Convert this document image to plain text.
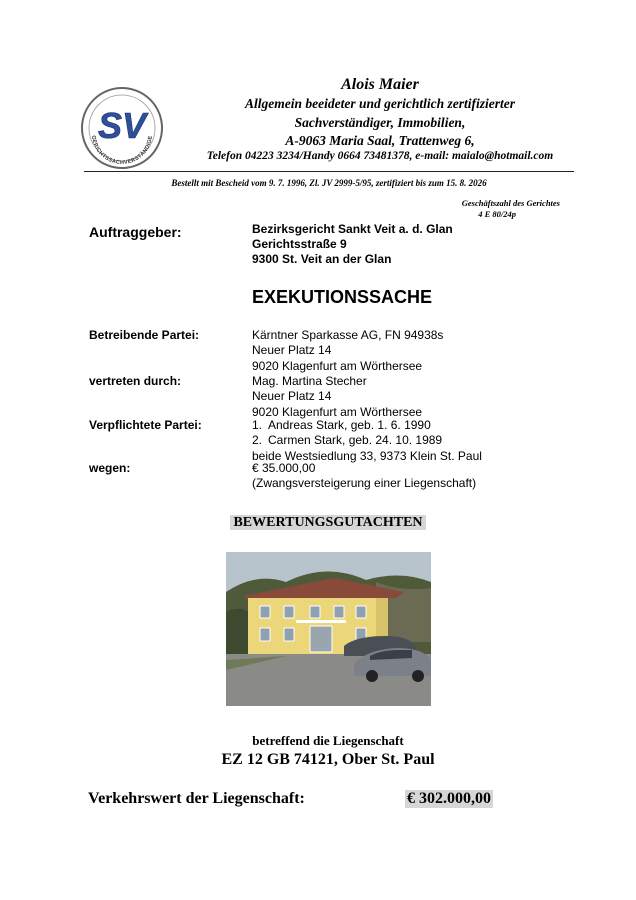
SV
GERICHTSSACHVERSTÄNDIGE
Alois Maier
Allgemein beeideter und gerichtlich zertifizierter
Sachverständiger, Immobilien,
A-9063 Maria Saal, Trattenweg 6,
Telefon 04223 3234/Handy 0664 73481378, e-mail: maialo@hotmail.com
Bestellt mit Bescheid vom 9. 7. 1996, Zl. JV 2999-5/95, zertifiziert bis zum 15. 8. 2026
Geschäftszahl des Gerichtes
4 E 80/24p
Auftraggeber:	Bezirksgericht Sankt Veit a. d. Glan
Gerichtsstraße 9
9300 St. Veit an der Glan
EXEKUTIONSSACHE
Betreibende Partei:	Kärntner Sparkasse AG, FN 94938s
Neuer Platz 14
9020 Klagenfurt am Wörthersee
vertreten durch:	Mag. Martina Stecher
Neuer Platz 14
9020 Klagenfurt am Wörthersee
Verpflichtete Partei:	1. Andreas Stark, geb. 1. 6. 1990
2. Carmen Stark, geb. 24. 10. 1989
beide Westsiedlung 33, 9373 Klein St. Paul
wegen:	€ 35.000,00
(Zwangsversteigerung einer Liegenschaft)
BEWERTUNGSGUTACHTEN
betreffend die Liegenschaft
EZ 12 GB 74121, Ober St. Paul
Verkehrswert der Liegenschaft:	€ 302.000,00
